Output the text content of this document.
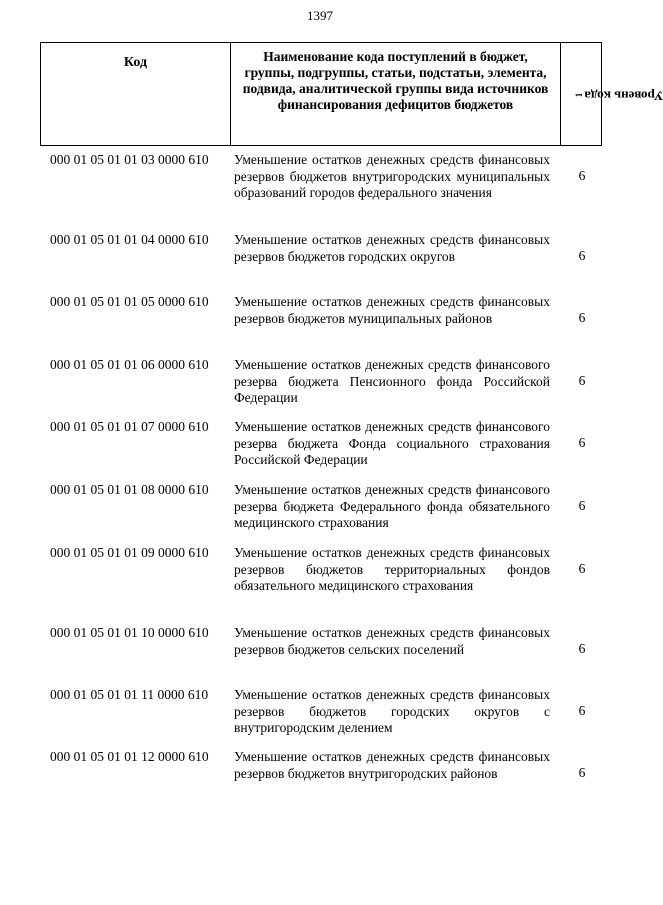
1397
Код	Наименование кода поступлений в бюджет, группы, подгруппы, статьи, подстатьи, элемента, подвида, аналитической группы вида источников финансирования дефицитов бюджетов
Уровень кода
$^1$
000 01 05 01 01 03 0000 610	Уменьшение остатков денежных средств финансовых резервов бюджетов внутригородских муниципальных образований городов федерального значения
6
000 01 05 01 01 04 0000 610	Уменьшение остатков денежных средств финансовых резервов бюджетов городских округов	6
000 01 05 01 01 05 0000 610	Уменьшение остатков денежных средств финансовых резервов бюджетов муниципальных районов	6
000 01 05 01 01 06 0000 610	Уменьшение остатков денежных средств финансового резерва бюджета Пенсионного фонда Российской Федерации
6
000 01 05 01 01 07 0000 610	Уменьшение остатков денежных средств финансового резерва бюджета Фонда социального страхования Российской Федерации
6
000 01 05 01 01 08 0000 610	Уменьшение остатков денежных средств финансового резерва бюджета Федерального фонда обязательного медицинского страхования
6
000 01 05 01 01 09 0000 610	Уменьшение остатков денежных средств финансовых резервов бюджетов территориальных фондов обязательного медицинского страхования
6
000 01 05 01 01 10 0000 610	Уменьшение остатков денежных средств финансовых резервов бюджетов сельских поселений	6
000 01 05 01 01 11 0000 610	Уменьшение остатков денежных средств финансовых резервов бюджетов городских округов с внутригородским делением
6
000 01 05 01 01 12 0000 610	Уменьшение остатков денежных средств финансовых резервов бюджетов внутригородских районов	6
